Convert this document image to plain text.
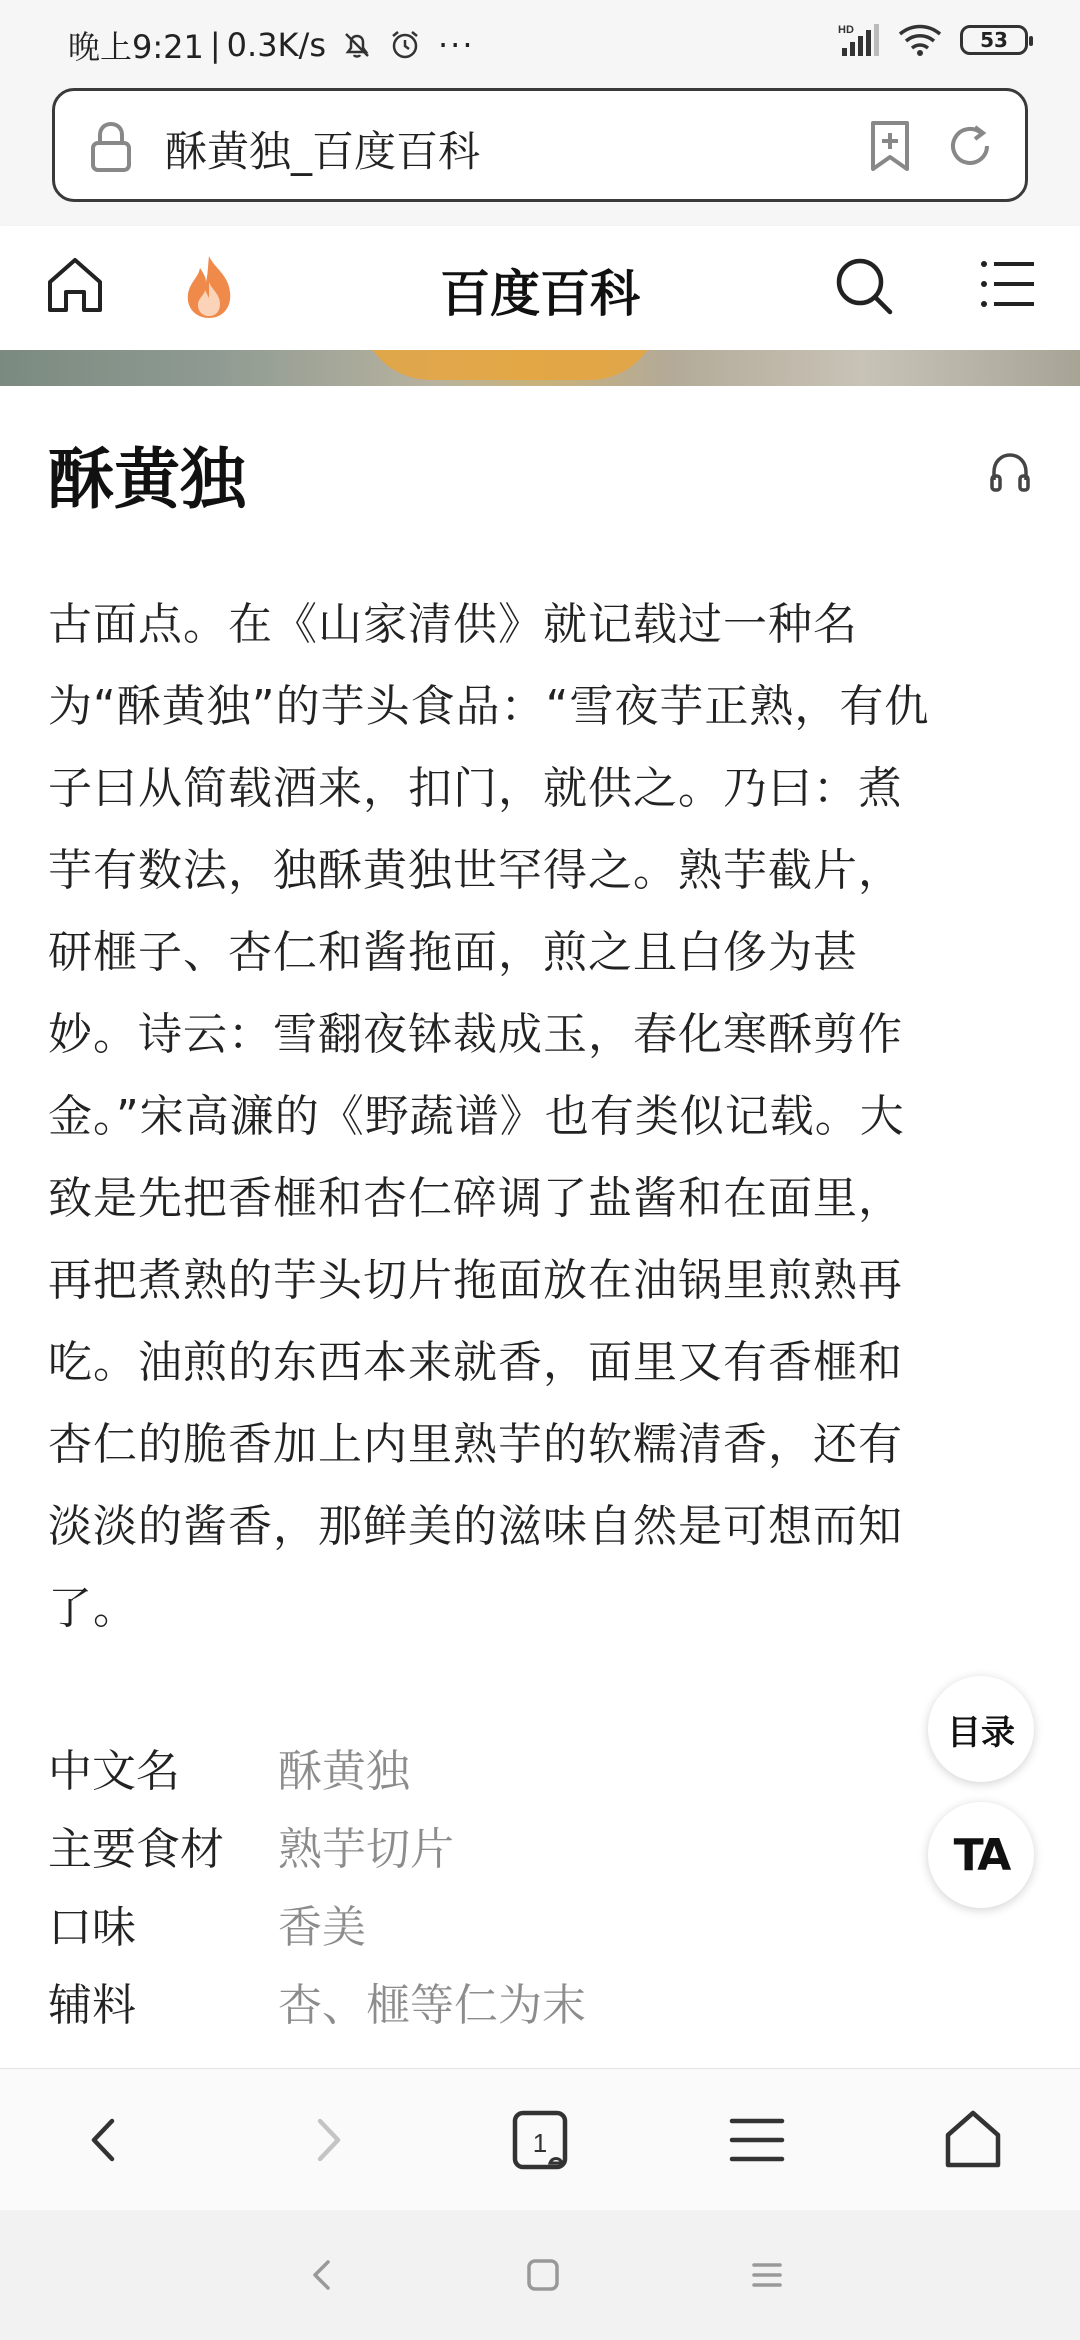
晚上9:21 | 0.3K/s	···	HD	53
酥黄独_百度百科
百度百科
酥黄独
古面点。在《山家清供》就记载过一种名
为“酥黄独”的芋头食品：“雪夜芋正熟，有仇
子曰从简载酒来，扣门，就供之。乃曰：煮
芋有数法，独酥黄独世罕得之。熟芋截片，
研榧子、杏仁和酱拖面，煎之且白侈为甚
妙。诗云：雪翻夜钵裁成玉，春化寒酥剪作
金。”宋高濂的《野蔬谱》也有类似记载。大
致是先把香榧和杏仁碎调了盐酱和在面里，
再把煮熟的芋头切片拖面放在油锅里煎熟再
吃。油煎的东西本来就香，面里又有香榧和
杏仁的脆香加上内里熟芋的软糯清香，还有
淡淡的酱香，那鲜美的滋味自然是可想而知
了。
中文名	酥黄独
主要食材	熟芋切片
口味	香美
辅料	杏、榧等仁为末
目录
TA
1
